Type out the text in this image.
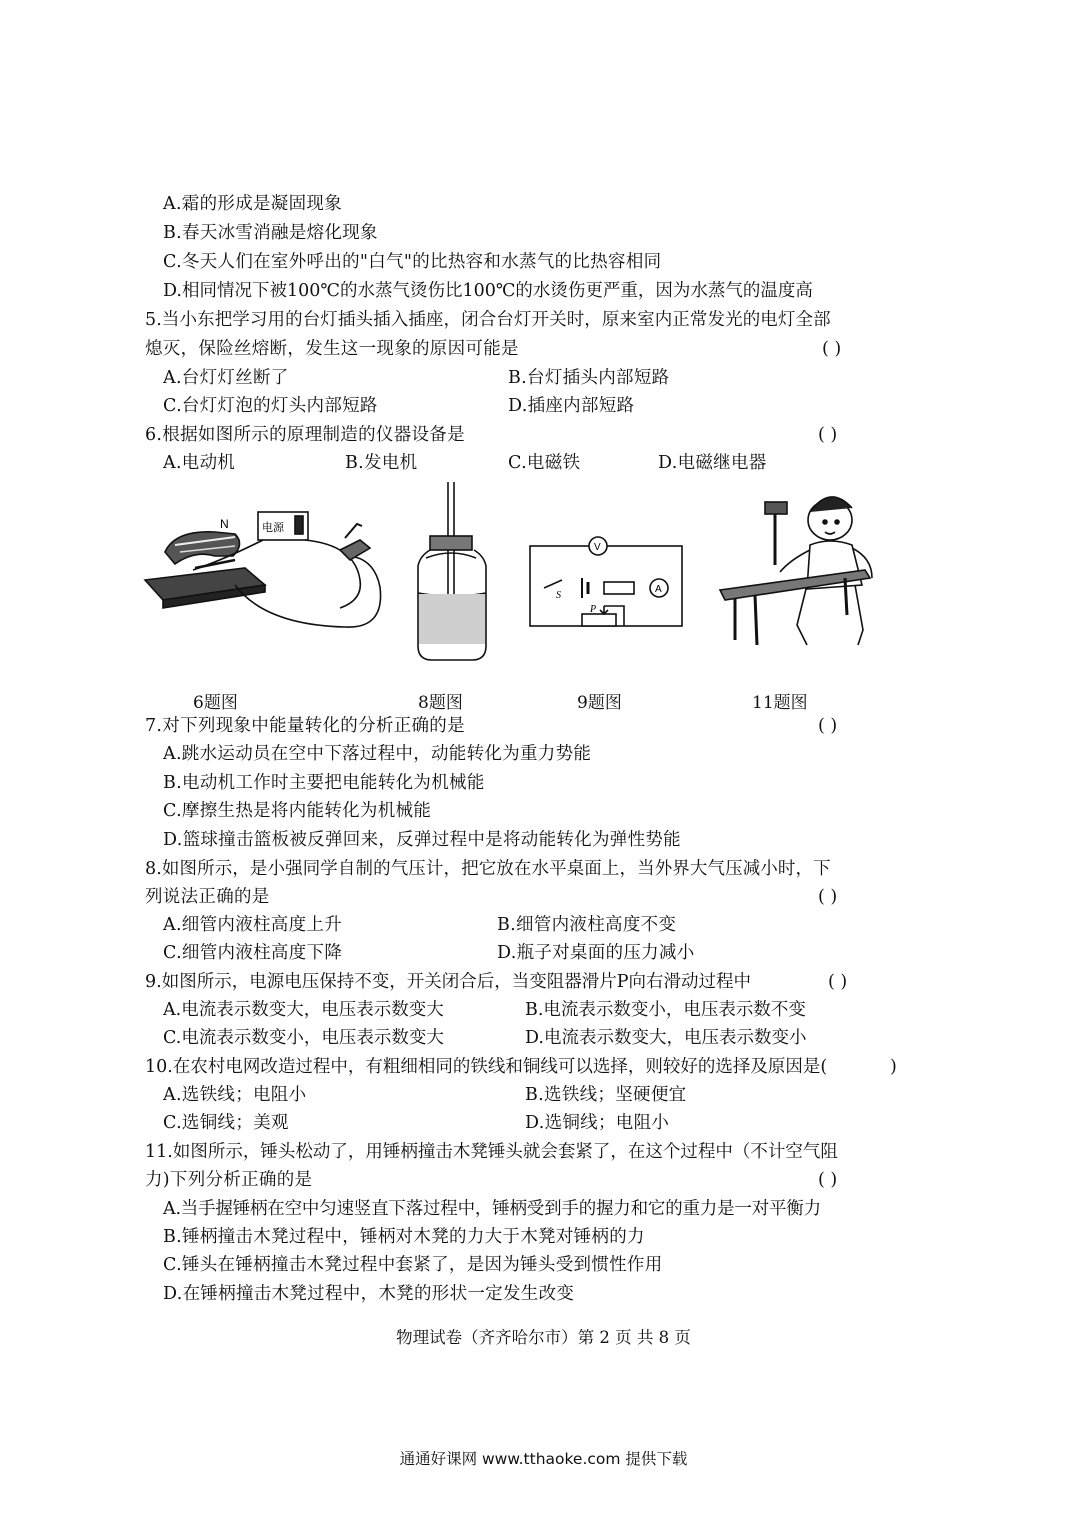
A.霜的形成是凝固现象
B.春天冰雪消融是熔化现象
C.冬天人们在室外呼出的"白气"的比热容和水蒸气的比热容相同
D.相同情况下被100℃的水蒸气烫伤比100℃的水烫伤更严重，因为水蒸气的温度高
5.当小东把学习用的台灯插头插入插座，闭合台灯开关时，原来室内正常发光的电灯全部
熄灭，保险丝熔断，发生这一现象的原因可能是	( )
A.台灯灯丝断了	B.台灯插头内部短路
C.台灯灯泡的灯头内部短路	D.插座内部短路
6.根据如图所示的原理制造的仪器设备是	( )
A.电动机	B.发电机	C.电磁铁	D.电磁继电器
N	电源
V
A
S
P
6题图	8题图	9题图	11题图
7.对下列现象中能量转化的分析正确的是	( )
A.跳水运动员在空中下落过程中，动能转化为重力势能
B.电动机工作时主要把电能转化为机械能
C.摩擦生热是将内能转化为机械能
D.篮球撞击篮板被反弹回来，反弹过程中是将动能转化为弹性势能
8.如图所示，是小强同学自制的气压计，把它放在水平桌面上，当外界大气压减小时，下
列说法正确的是	( )
A.细管内液柱高度上升	B.细管内液柱高度不变
C.细管内液柱高度下降	D.瓶子对桌面的压力减小
9.如图所示，电源电压保持不变，开关闭合后，当变阻器滑片P向右滑动过程中	( )
A.电流表示数变大，电压表示数变大	B.电流表示数变小，电压表示数不变
C.电流表示数变小，电压表示数变大	D.电流表示数变大，电压表示数变小
10.在农村电网改造过程中，有粗细相同的铁线和铜线可以选择，则较好的选择及原因是(	)
A.选铁线；电阻小	B.选铁线；坚硬便宜
C.选铜线；美观	D.选铜线；电阻小
11.如图所示，锤头松动了，用锤柄撞击木凳锤头就会套紧了，在这个过程中（不计空气阻
力)下列分析正确的是	( )
A.当手握锤柄在空中匀速竖直下落过程中，锤柄受到手的握力和它的重力是一对平衡力
B.锤柄撞击木凳过程中，锤柄对木凳的力大于木凳对锤柄的力
C.锤头在锤柄撞击木凳过程中套紧了，是因为锤头受到惯性作用
D.在锤柄撞击木凳过程中，木凳的形状一定发生改变
物理试卷（齐齐哈尔市）第 2 页 共 8 页
通通好课网 www.tthaoke.com 提供下载
